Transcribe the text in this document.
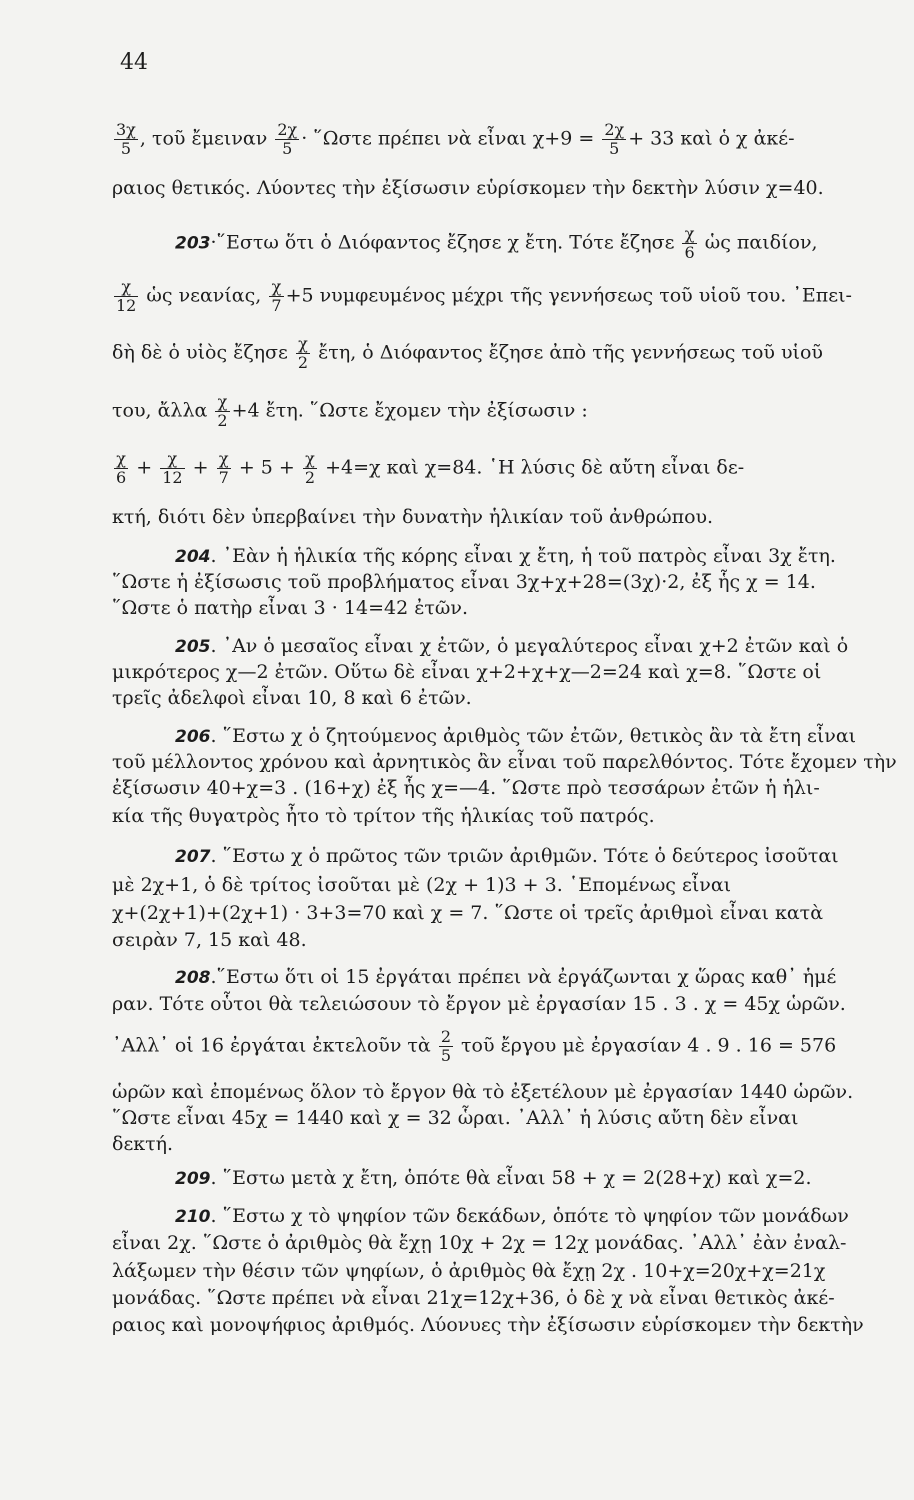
44
$\frac{3\chi}{5}$ , τοῦ ἔμειναν $\frac{2\chi}{5}$ · ῞Ωστε πρέπει νὰ εἶναι $\chi+9 = \frac{2\chi}{5} + 33$ καὶ ὁ χ ἀκέ-
ραιος θετικός. Λύοντες τὴν ἐξίσωσιν εὑρίσκομεν τὴν δεκτὴν λύσιν χ=40.
203·῞Εστω ὅτι ὁ Διόφαντος ἔζησε χ ἔτη. Τότε ἔζησε $\frac{\chi}{6}$ ὡς παιδίον,
$\frac{\chi}{12}$ ὡς νεανίας, $\frac{\chi}{7} +5$ νυμφευμένος μέχρι τῆς γεννήσεως τοῦ υἱοῦ του. ᾿Επει-
δὴ δὲ ὁ υἱὸς ἔζησε $\frac{\chi}{2}$ ἔτη, ὁ Διόφαντος ἔζησε ἀπὸ τῆς γεννήσεως τοῦ υἱοῦ
του, ἄλλα $\frac{\chi}{2} +4$ ἔτη. ῞Ωστε ἔχομεν τὴν ἐξίσωσιν :
$\frac{\chi}{6} + \frac{\chi}{12} + \frac{\chi}{7} + 5 + \frac{\chi}{2} +4=\chi$ καὶ χ=84. ῾Η λύσις δὲ αὔτη εἶναι δε-
κτή, διότι δὲν ὑπερβαίνει τὴν δυνατὴν ἡλικίαν τοῦ ἀνθρώπου.
204. ᾿Εὰν ἡ ἡλικία τῆς κόρης εἶναι χ ἔτη, ἡ τοῦ πατρὸς εἶναι 3χ ἔτη.
῞Ωστε ἡ ἐξίσωσις τοῦ προβλήματος εἶναι 3χ+χ+28=(3χ)·2, ἐξ ἧς χ = 14.
῞Ωστε ὁ πατὴρ εἶναι 3 · 14=42 ἐτῶν.
205. ᾽Αν ὁ μεσαῖος εἶναι χ ἐτῶν, ὁ μεγαλύτερος εἶναι χ+2 ἐτῶν καὶ ὁ
μικρότερος χ—2 ἐτῶν. Οὕτω δὲ εἶναι χ+2+χ+χ—2=24 καὶ χ=8. ῞Ωστε οἱ
τρεῖς ἀδελφοὶ εἶναι 10, 8 καὶ 6 ἐτῶν.
206. ῞Εστω χ ὁ ζητούμενος ἀριθμὸς τῶν ἐτῶν, θετικὸς ἂν τὰ ἔτη εἶναι
τοῦ μέλλοντος χρόνου καὶ ἀρνητικὸς ἂν εἶναι τοῦ παρελθόντος. Τότε ἔχομεν τὴν
ἐξίσωσιν 40+χ=3 . (16+χ) ἐξ ἧς χ=—4. ῞Ωστε πρὸ τεσσάρων ἐτῶν ἡ ἡλι-
κία τῆς θυγατρὸς ἦτο τὸ τρίτον τῆς ἡλικίας τοῦ πατρός.
207. ῞Εστω χ ὁ πρῶτος τῶν τριῶν ἀριθμῶν. Τότε ὁ δεύτερος ἰσοῦται
μὲ 2χ+1, ὁ δὲ τρίτος ἰσοῦται μὲ (2χ + 1)3 + 3. ῾Επομένως εἶναι
χ+(2χ+1)+(2χ+1) · 3+3=70 καὶ χ = 7. ῞Ωστε οἱ τρεῖς ἀριθμοὶ εἶναι κατὰ
σειρὰν 7, 15 καὶ 48.
208.῞Εστω ὅτι οἱ 15 ἐργάται πρέπει νὰ ἐργάζωνται χ ὥρας καθ᾽ ἡμέ
ραν. Τότε οὗτοι θὰ τελειώσουν τὸ ἔργον μὲ ἐργασίαν 15 . 3 . χ = 45χ ὡρῶν.
᾽Αλλ᾽ οἱ 16 ἐργάται ἐκτελοῦν τὰ $\frac{2}{5}$ τοῦ ἔργου μὲ ἐργασίαν 4 . 9 . 16 = 576
ὡρῶν καὶ ἐπομένως ὅλον τὸ ἔργον θὰ τὸ ἐξετέλουν μὲ ἐργασίαν 1440 ὡρῶν.
῞Ωστε εἶναι 45χ = 1440 καὶ χ = 32 ὧραι. ᾽Αλλ᾽ ἡ λύσις αὔτη δὲν εἶναι
δεκτή.
209. ῞Εστω μετὰ χ ἔτη, ὁπότε θὰ εἶναι 58 + χ = 2(28+χ) καὶ χ=2.
210. ῞Εστω χ τὸ ψηφίον τῶν δεκάδων, ὁπότε τὸ ψηφίον τῶν μονάδων
εἶναι 2χ. ῞Ωστε ὁ ἀριθμὸς θὰ ἔχῃ 10χ + 2χ = 12χ μονάδας. ᾽Αλλ᾽ ἐὰν ἐναλ-
λάξωμεν τὴν θέσιν τῶν ψηφίων, ὁ ἀριθμὸς θὰ ἔχῃ 2χ . 10+χ=20χ+χ=21χ
μονάδας. ῞Ωστε πρέπει νὰ εἶναι 21χ=12χ+36, ὁ δὲ χ νὰ εἶναι θετικὸς ἀκέ-
ραιος καὶ μονοψήφιος ἀριθμός. Λύονυες τὴν ἐξίσωσιν εὑρίσκομεν τὴν δεκτὴν
